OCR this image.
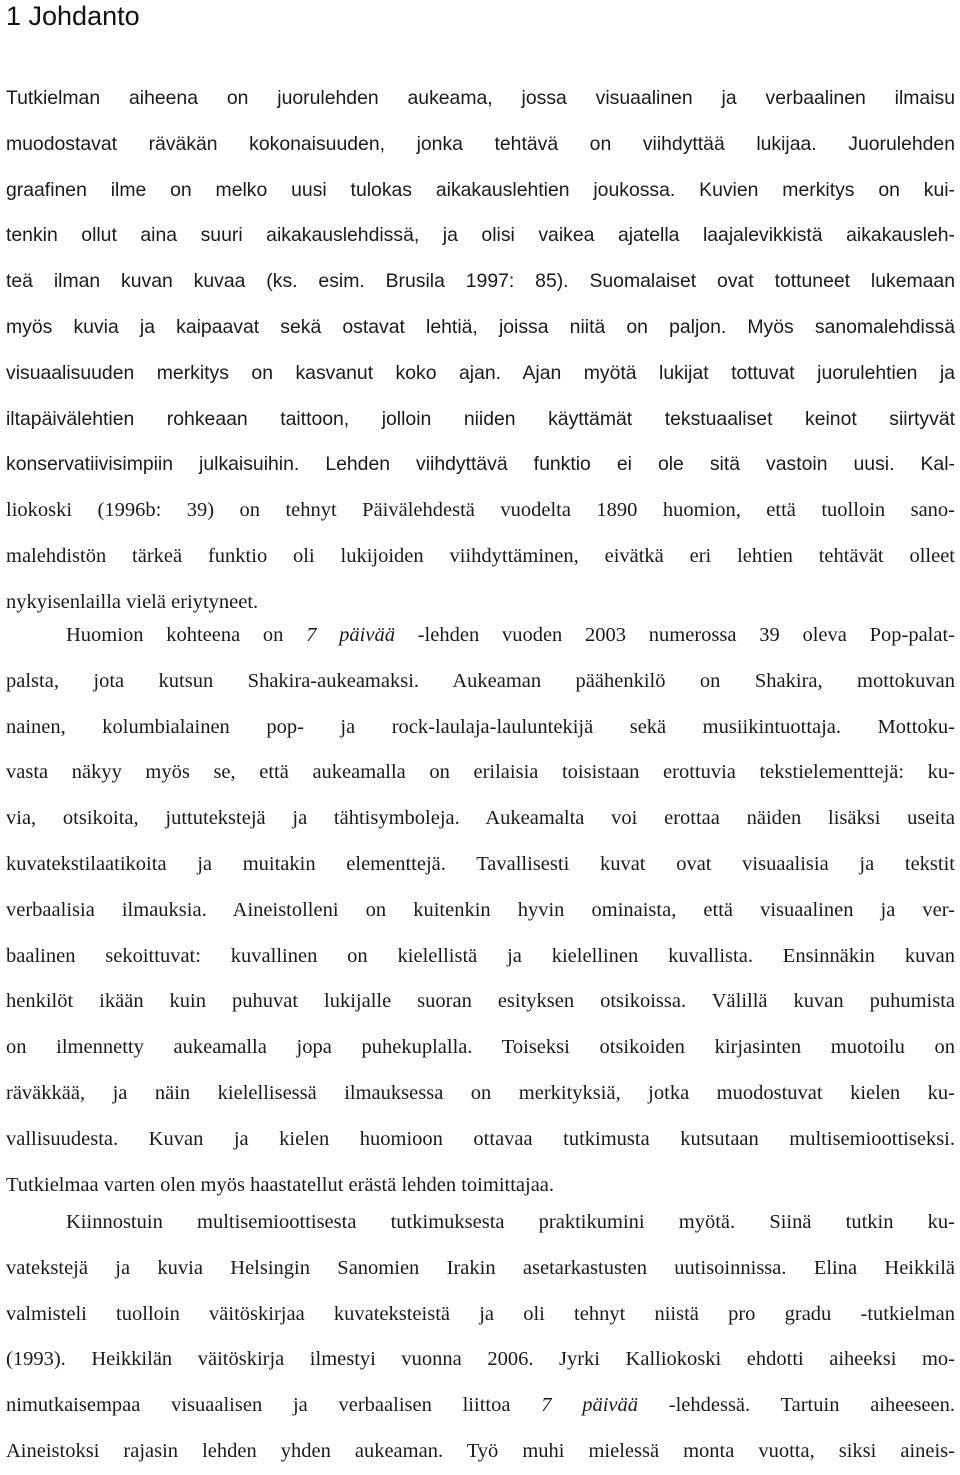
1 Johdanto
Tutkielman aiheena on juorulehden aukeama, jossa visuaalinen ja verbaalinen ilmaisu
muodostavat räväkän kokonaisuuden, jonka tehtävä on viihdyttää lukijaa. Juorulehden
graafinen ilme on melko uusi tulokas aikakauslehtien joukossa. Kuvien merkitys on kui-
tenkin ollut aina suuri aikakauslehdissä, ja olisi vaikea ajatella laajalevikkistä aikakausleh-
teä ilman kuvan kuvaa (ks. esim. Brusila 1997: 85). Suomalaiset ovat tottuneet lukemaan
myös kuvia ja kaipaavat sekä ostavat lehtiä, joissa niitä on paljon. Myös sanomalehdissä
visuaalisuuden merkitys on kasvanut koko ajan. Ajan myötä lukijat tottuvat juorulehtien ja
iltapäivälehtien rohkeaan taittoon, jolloin niiden käyttämät tekstuaaliset keinot siirtyvät
konservatiivisimpiin julkaisuihin. Lehden viihdyttävä funktio ei ole sitä vastoin uusi. Kal-
liokoski (1996b: 39) on tehnyt Päivälehdestä vuodelta 1890 huomion, että tuolloin sano-
malehdistön tärkeä funktio oli lukijoiden viihdyttäminen, eivätkä eri lehtien tehtävät olleet
nykyisenlailla vielä eriytyneet.
Huomion kohteena on 7 päivää -lehden vuoden 2003 numerossa 39 oleva Pop-palat-
palsta, jota kutsun Shakira-aukeamaksi. Aukeaman päähenkilö on Shakira, mottokuvan
nainen, kolumbialainen pop- ja rock-laulaja-lauluntekijä sekä musiikintuottaja. Mottoku-
vasta näkyy myös se, että aukeamalla on erilaisia toisistaan erottuvia tekstielementtejä: ku-
via, otsikoita, juttutekstejä ja tähtisymboleja. Aukeamalta voi erottaa näiden lisäksi useita
kuvatekstilaatikoita ja muitakin elementtejä. Tavallisesti kuvat ovat visuaalisia ja tekstit
verbaalisia ilmauksia. Aineistolleni on kuitenkin hyvin ominaista, että visuaalinen ja ver-
baalinen sekoittuvat: kuvallinen on kielellistä ja kielellinen kuvallista. Ensinnäkin kuvan
henkilöt ikään kuin puhuvat lukijalle suoran esityksen otsikoissa. Välillä kuvan puhumista
on ilmennetty aukeamalla jopa puhekuplalla. Toiseksi otsikoiden kirjasinten muotoilu on
räväkkää, ja näin kielellisessä ilmauksessa on merkityksiä, jotka muodostuvat kielen ku-
vallisuudesta. Kuvan ja kielen huomioon ottavaa tutkimusta kutsutaan multisemioottiseksi.
Tutkielmaa varten olen myös haastatellut erästä lehden toimittajaa.
Kiinnostuin multisemioottisesta tutkimuksesta praktikumini myötä. Siinä tutkin ku-
vatekstejä ja kuvia Helsingin Sanomien Irakin asetarkastusten uutisoinnissa. Elina Heikkilä
valmisteli tuolloin väitöskirjaa kuvateksteistä ja oli tehnyt niistä pro gradu -tutkielman
(1993). Heikkilän väitöskirja ilmestyi vuonna 2006. Jyrki Kalliokoski ehdotti aiheeksi mo-
nimutkaisempaa visuaalisen ja verbaalisen liittoa 7 päivää -lehdessä. Tartuin aiheeseen.
Aineistoksi rajasin lehden yhden aukeaman. Työ muhi mielessä monta vuotta, siksi aineis-
